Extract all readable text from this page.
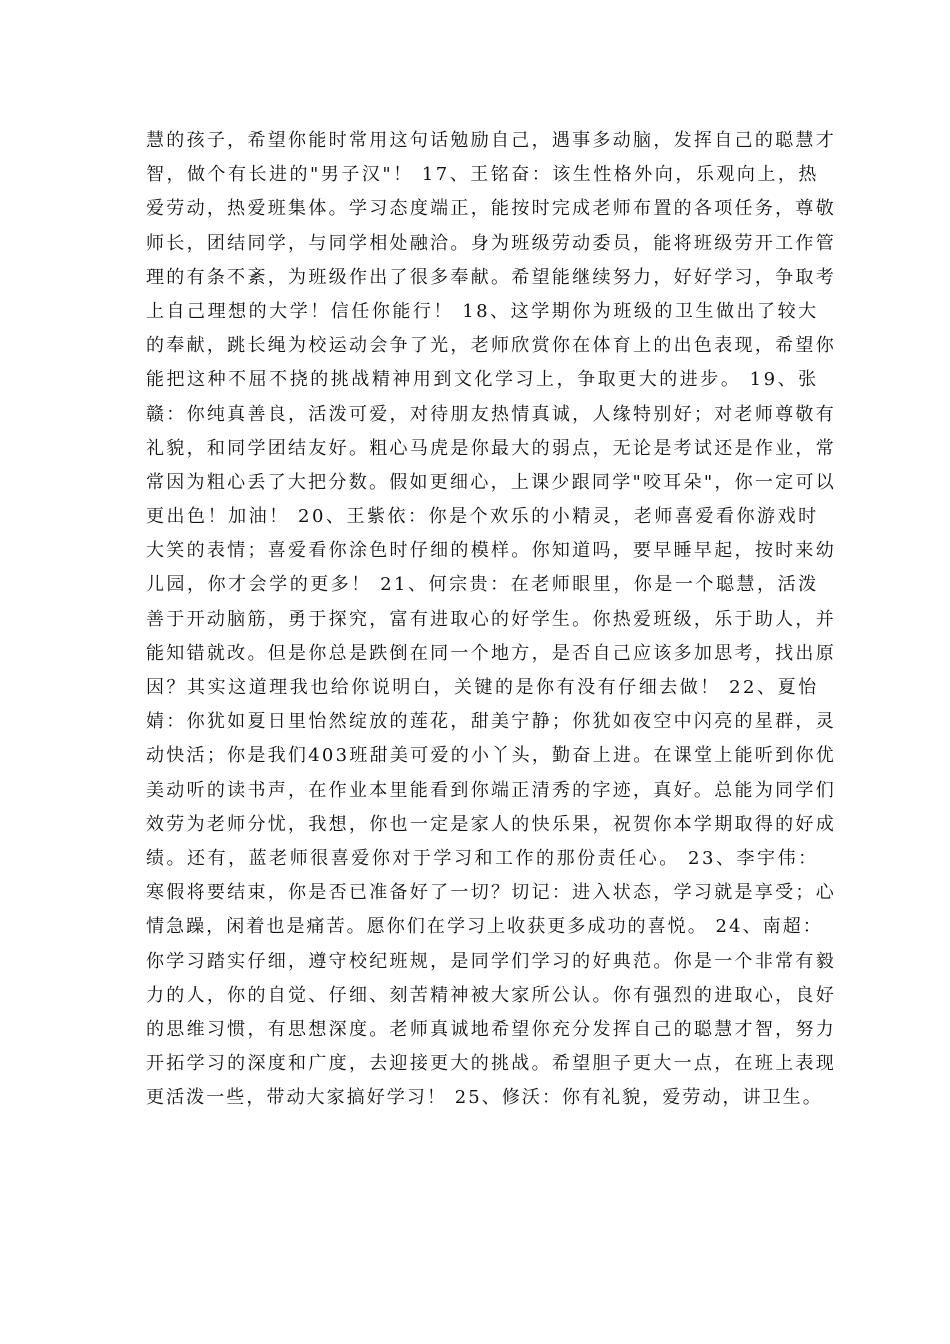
慧的孩子，希望你能时常用这句话勉励自己，遇事多动脑，发挥自己的聪慧才
智，做个有长进的"男子汉"！ 17、王铭奋：该生性格外向，乐观向上，热
爱劳动，热爱班集体。学习态度端正，能按时完成老师布置的各项任务，尊敬
师长，团结同学，与同学相处融洽。身为班级劳动委员，能将班级劳开工作管
理的有条不紊，为班级作出了很多奉献。希望能继续努力，好好学习，争取考
上自己理想的大学！信任你能行！ 18、这学期你为班级的卫生做出了较大
的奉献，跳长绳为校运动会争了光，老师欣赏你在体育上的出色表现，希望你
能把这种不屈不挠的挑战精神用到文化学习上，争取更大的进步。 19、张
赣：你纯真善良，活泼可爱，对待朋友热情真诚，人缘特别好；对老师尊敬有
礼貌，和同学团结友好。粗心马虎是你最大的弱点，无论是考试还是作业，常
常因为粗心丢了大把分数。假如更细心，上课少跟同学"咬耳朵"，你一定可以
更出色！加油！ 20、王紫依：你是个欢乐的小精灵，老师喜爱看你游戏时
大笑的表情；喜爱看你涂色时仔细的模样。你知道吗，要早睡早起，按时来幼
儿园，你才会学的更多！ 21、何宗贵：在老师眼里，你是一个聪慧，活泼
善于开动脑筋，勇于探究，富有进取心的好学生。你热爱班级，乐于助人，并
能知错就改。但是你总是跌倒在同一个地方，是否自己应该多加思考，找出原
因？其实这道理我也给你说明白，关键的是你有没有仔细去做！ 22、夏怡
婧：你犹如夏日里怡然绽放的莲花，甜美宁静；你犹如夜空中闪亮的星群，灵
动快活；你是我们403班甜美可爱的小丫头，勤奋上进。在课堂上能听到你优
美动听的读书声，在作业本里能看到你端正清秀的字迹，真好。总能为同学们
效劳为老师分忧，我想，你也一定是家人的快乐果，祝贺你本学期取得的好成
绩。还有，蓝老师很喜爱你对于学习和工作的那份责任心。 23、李宇伟：
寒假将要结束，你是否已准备好了一切？切记：进入状态，学习就是享受；心
情急躁，闲着也是痛苦。愿你们在学习上收获更多成功的喜悦。 24、南超：
你学习踏实仔细，遵守校纪班规，是同学们学习的好典范。你是一个非常有毅
力的人，你的自觉、仔细、刻苦精神被大家所公认。你有强烈的进取心，良好
的思维习惯，有思想深度。老师真诚地希望你充分发挥自己的聪慧才智，努力
开拓学习的深度和广度，去迎接更大的挑战。希望胆子更大一点，在班上表现
更活泼一些，带动大家搞好学习！ 25、修沃：你有礼貌，爱劳动，讲卫生。
